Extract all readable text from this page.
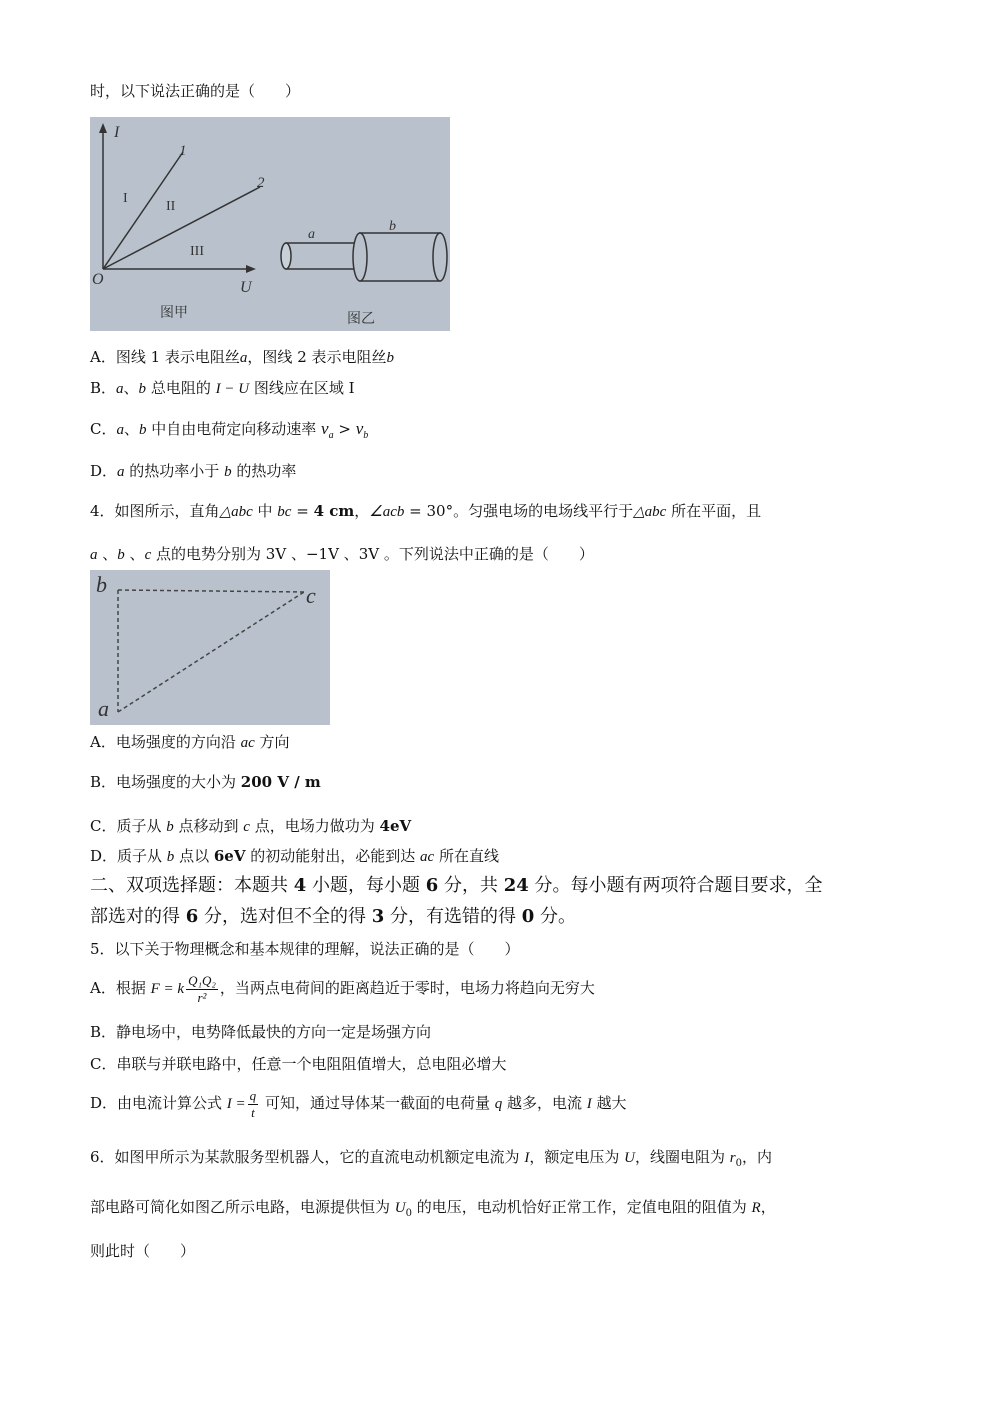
时，以下说法正确的是（　　）
I
U
O
1
2
I
II
III
图甲
a
b
图乙
A．图线 1 表示电阻丝a，图线 2 表示电阻丝b
B．a、b 总电阻的 I − U 图线应在区域 I
C．a、b 中自由电荷定向移动速率 $v_a > v_b$
D．a 的热功率小于 b 的热功率
4．如图所示，直角△abc 中 bc = 4 cm，∠acb = 30°。匀强电场的电场线平行于△abc 所在平面，且
a 、b 、c 点的电势分别为 3V 、−1V 、3V 。下列说法中正确的是（　　）
b	c
a
A．电场强度的方向沿 ac 方向
B．电场强度的大小为 200 V / m
C．质子从 b 点移动到 c 点，电场力做功为 4eV
D．质子从 b 点以 6eV 的初动能射出，必能到达 ac 所在直线
二、双项选择题：本题共 4 小题，每小题 6 分，共 24 分。每小题有两项符合题目要求，全
部选对的得 6 分，选对但不全的得 3 分，有选错的得 0 分。
5．以下关于物理概念和基本规律的理解，说法正确的是（　　）
A．根据 F = k $\frac{\text{Q₁Q₂}}{\text{r²}}$ ，当两点电荷间的距离趋近于零时，电场力将趋向无穷大
B．静电场中，电势降低最快的方向一定是场强方向
C．串联与并联电路中，任意一个电阻阻值增大，总电阻必增大
D．由电流计算公式 $I = \frac{q}{t}$ 可知，通过导体某一截面的电荷量 q 越多，电流 I 越大
6．如图甲所示为某款服务型机器人，它的直流电动机额定电流为 I，额定电压为 U，线圈电阻为 $r_0$，内
部电路可简化如图乙所示电路，电源提供恒为 $U_0$ 的电压，电动机恰好正常工作，定值电阻的阻值为 R，
则此时（　　）
